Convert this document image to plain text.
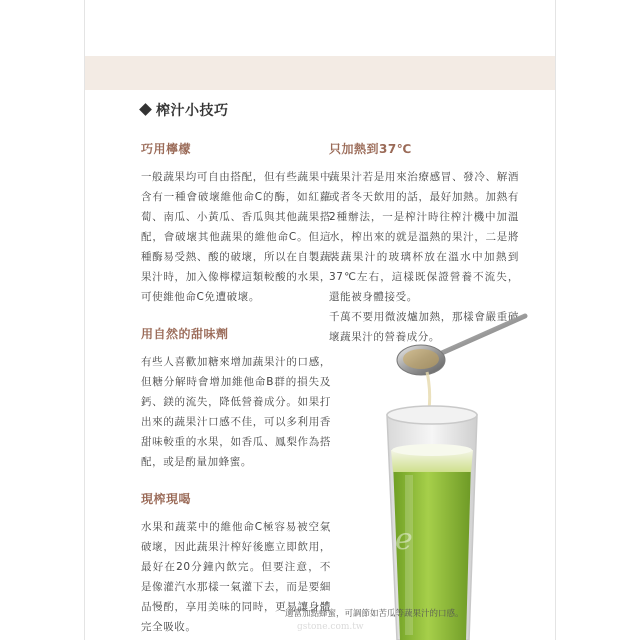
榨汁小技巧

巧用檸檬

一般蔬果均可自由搭配，但有些蔬果中含有一種會破壞維他命C的酶，如紅蘿蔔、南瓜、小黃瓜、香瓜與其他蔬果搭配，會破壞其他蔬果的維他命C。但這種酶易受熱、酸的破壞，所以在自製蔬果汁時，加入像檸檬這類較酸的水果，可使維他命C免遭破壞。

用自然的甜味劑

有些人喜歡加糖來增加蔬果汁的口感，但糖分解時會增加維他命B群的損失及鈣、鎂的流失，降低營養成分。如果打出來的蔬果汁口感不佳，可以多利用香甜味較重的水果，如香瓜、鳳梨作為搭配，或是酌量加蜂蜜。

現榨現喝

水果和蔬菜中的維他命C極容易被空氣破壞，因此蔬果汁榨好後應立即飲用，最好在20分鐘內飲完。但要注意，不是像灌汽水那樣一氣灌下去，而是要細品慢酌，享用美味的同時，更易讓身體完全吸收。

只加熱到37℃

蔬果汁若是用來治療感冒、發冷、解酒或者冬天飲用的話，最好加熱。加熱有2種辦法，一是榨汁時往榨汁機中加溫水，榨出來的就是溫熱的果汁，二是將裝蔬果汁的玻璃杯放在溫水中加熱到37℃左右，這樣既保證營養不流失，還能被身體接受。

千萬不要用微波爐加熱，那樣會嚴重破壞蔬果汁的營養成分。

Stone
gstone.com.tw
適當加點蜂蜜，可調節如苦瓜等蔬果汁的口感。
